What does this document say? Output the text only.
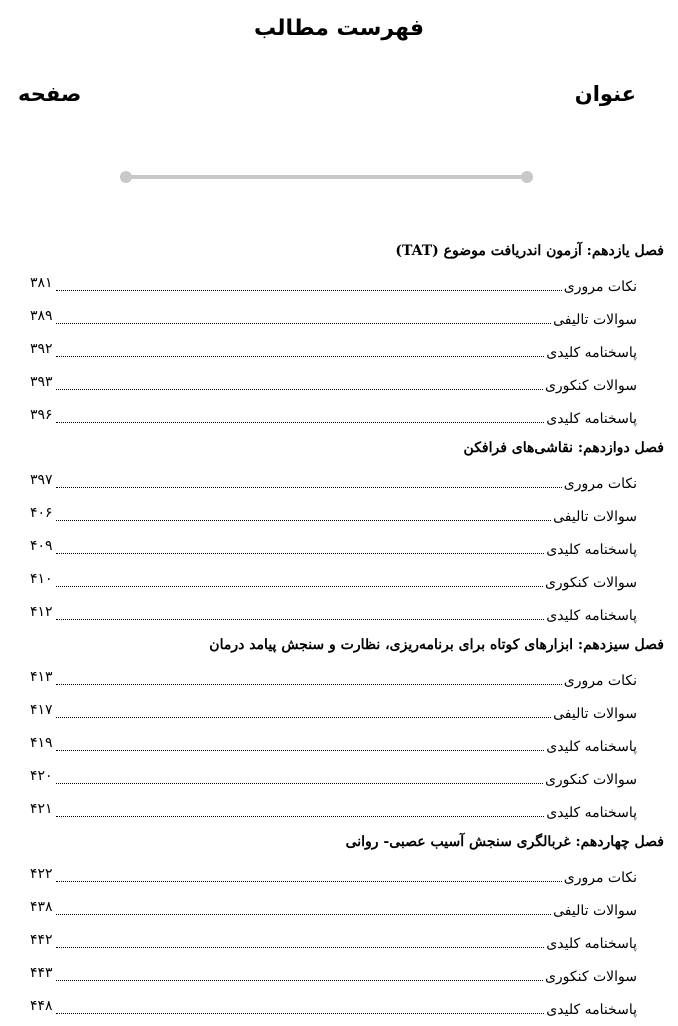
فهرست مطالب
عنوان
صفحه
فصل یازدهم: آزمون اندریافت موضوع (TAT)
نکات مروری
۳۸۱
سوالات تالیفی
۳۸۹
پاسخنامه کلیدی
۳۹۲
سوالات کنکوری
۳۹۳
پاسخنامه کلیدی
۳۹۶
فصل دوازدهم: نقاشی‌های فرافکن
نکات مروری
۳۹۷
سوالات تالیفی
۴۰۶
پاسخنامه کلیدی
۴۰۹
سوالات کنکوری
۴۱۰
پاسخنامه کلیدی
۴۱۲
فصل سیزدهم: ابزارهای کوتاه برای برنامه‌ریزی، نظارت و سنجش پیامد درمان
نکات مروری
۴۱۳
سوالات تالیفی
۴۱۷
پاسخنامه کلیدی
۴۱۹
سوالات کنکوری
۴۲۰
پاسخنامه کلیدی
۴۲۱
فصل چهاردهم: غربالگری سنجش آسیب عصبی- روانی
نکات مروری
۴۲۲
سوالات تالیفی
۴۳۸
پاسخنامه کلیدی
۴۴۲
سوالات کنکوری
۴۴۳
پاسخنامه کلیدی
۴۴۸
